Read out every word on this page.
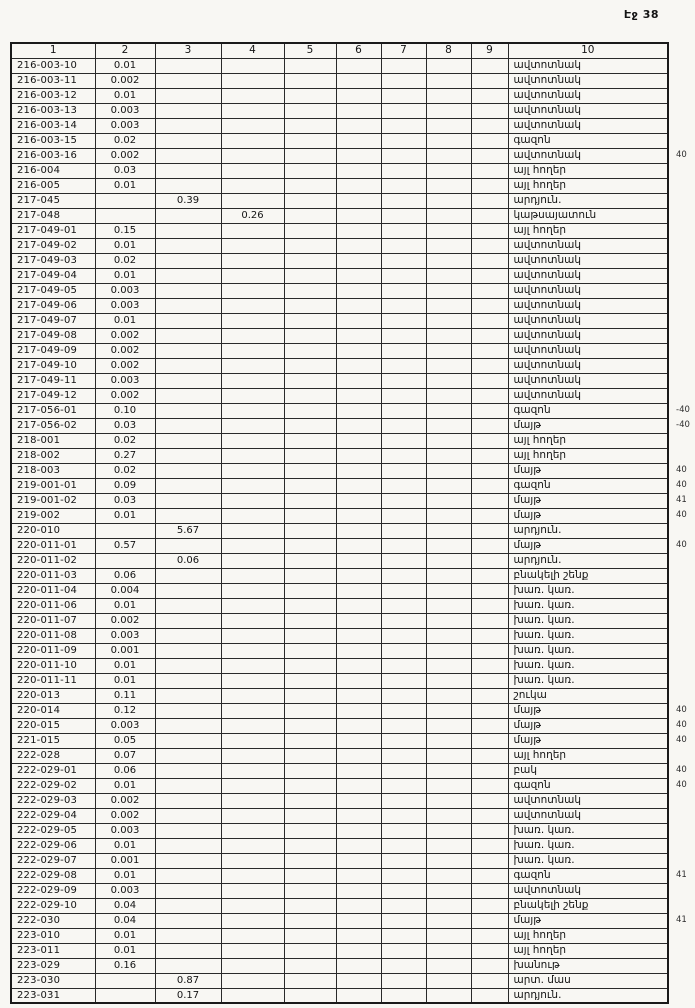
Էջ 38
1	2	3	4	5	6	7	8	9	10
216-003-10	0.01								ավտոտնակ
216-003-11	0.002								ավտոտնակ
216-003-12	0.01								ավտոտնակ
216-003-13	0.003								ավտոտնակ
216-003-14	0.003								ավտոտնակ
216-003-15	0.02								գազոն
216-003-16	0.002								ավտոտնակ
216-004	0.03								այլ հողեր
216-005	0.01								այլ հողեր
217-045		0.39							արդյուն.
217-048			0.26						կաթսայատուն
217-049-01	0.15								այլ հողեր
217-049-02	0.01								ավտոտնակ
217-049-03	0.02								ավտոտնակ
217-049-04	0.01								ավտոտնակ
217-049-05	0.003								ավտոտնակ
217-049-06	0.003								ավտոտնակ
217-049-07	0.01								ավտոտնակ
217-049-08	0.002								ավտոտնակ
217-049-09	0.002								ավտոտնակ
217-049-10	0.002								ավտոտնակ
217-049-11	0.003								ավտոտնակ
217-049-12	0.002								ավտոտնակ
217-056-01	0.10								գազոն
217-056-02	0.03								մայթ
218-001	0.02								այլ հողեր
218-002	0.27								այլ հողեր
218-003	0.02								մայթ
219-001-01	0.09								գազոն
219-001-02	0.03								մայթ
219-002	0.01								մայթ
220-010		5.67							արդյուն.
220-011-01	0.57								մայթ
220-011-02		0.06							արդյուն.
220-011-03	0.06								բնակելի շենք
220-011-04	0.004								խառ. կառ.
220-011-06	0.01								խառ. կառ.
220-011-07	0.002								խառ. կառ.
220-011-08	0.003								խառ. կառ.
220-011-09	0.001								խառ. կառ.
220-011-10	0.01								խառ. կառ.
220-011-11	0.01								խառ. կառ.
220-013	0.11								շուկա
220-014	0.12								մայթ
220-015	0.003								մայթ
221-015	0.05								մայթ
222-028	0.07								այլ հողեր
222-029-01	0.06								բակ
222-029-02	0.01								գազոն
222-029-03	0.002								ավտոտնակ
222-029-04	0.002								ավտոտնակ
222-029-05	0.003								խառ. կառ.
222-029-06	0.01								խառ. կառ.
222-029-07	0.001								խառ. կառ.
222-029-08	0.01								գազոն
222-029-09	0.003								ավտոտնակ
222-029-10	0.04								բնակելի շենք
222-030	0.04								մայթ
223-010	0.01								այլ հողեր
223-011	0.01								այլ հողեր
223-029	0.16								խանութ
223-030		0.87							արտ. մաս
223-031		0.17							արդյուն.
40
-40
-40
40
40
41
40
40
40
40
40
40
40
41
41
